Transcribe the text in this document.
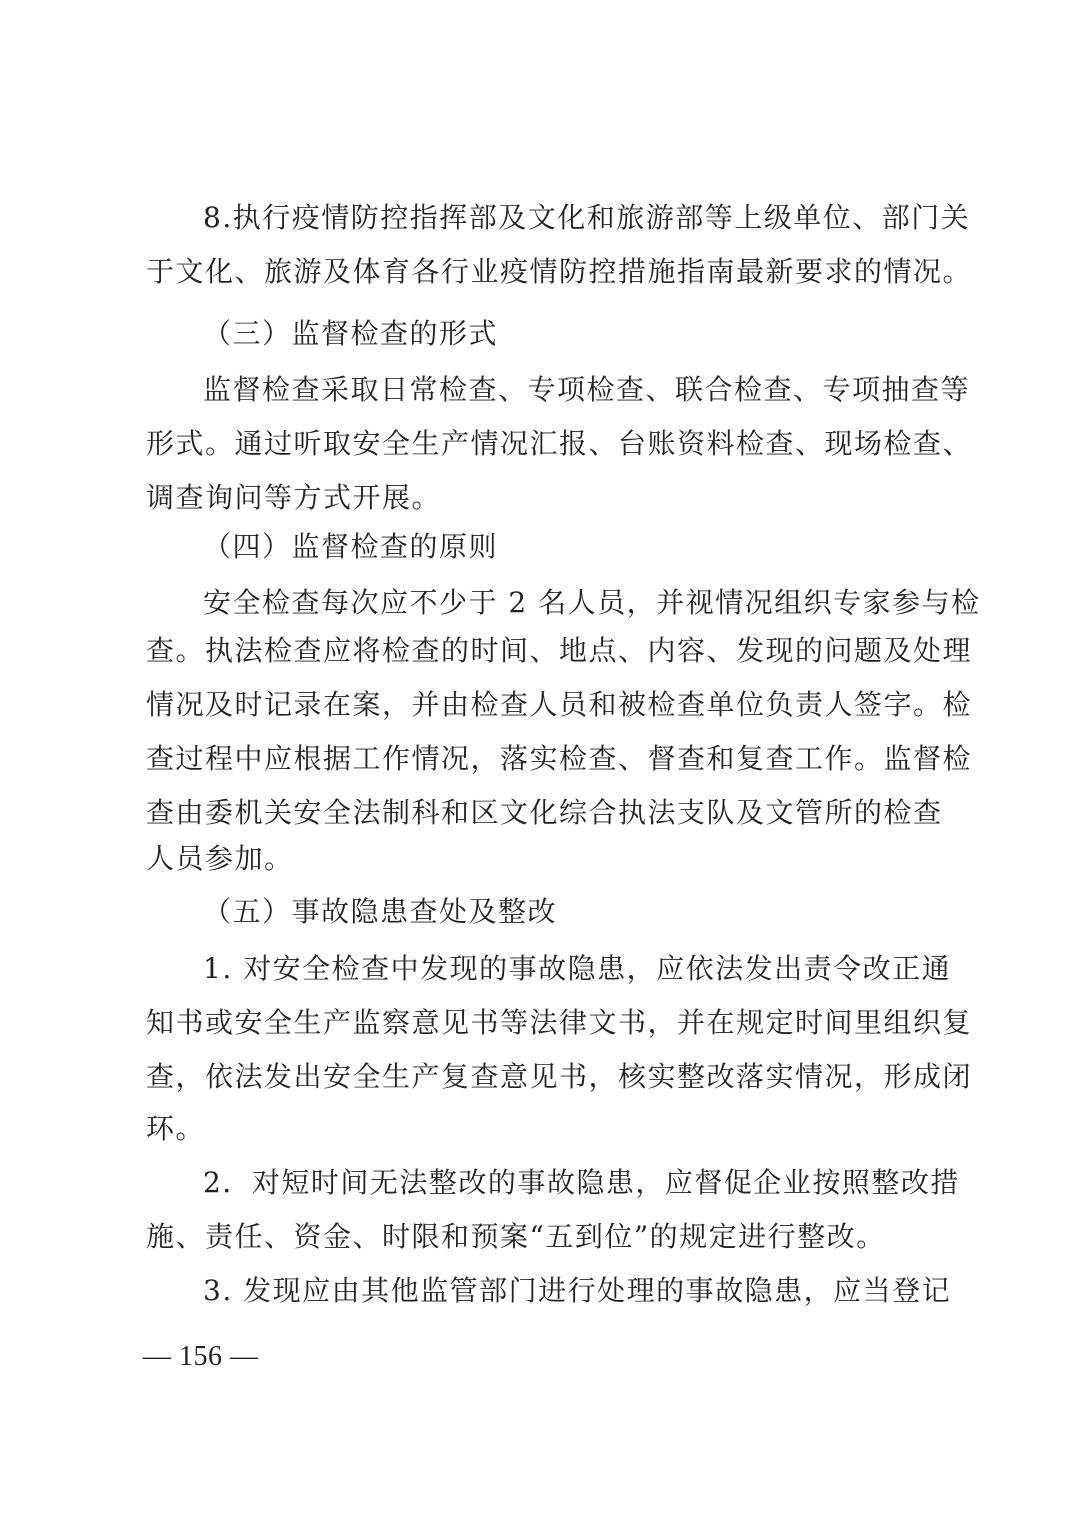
8.执行疫情防控指挥部及文化和旅游部等上级单位、部门关
于文化、旅游及体育各行业疫情防控措施指南最新要求的情况。
（三）监督检查的形式
监督检查采取日常检查、专项检查、联合检查、专项抽查等
形式。通过听取安全生产情况汇报、台账资料检查、现场检查、
调查询问等方式开展。
（四）监督检查的原则
安全检查每次应不少于 2 名人员，并视情况组织专家参与检
查。执法检查应将检查的时间、地点、内容、发现的问题及处理
情况及时记录在案，并由检查人员和被检查单位负责人签字。检
查过程中应根据工作情况，落实检查、督查和复查工作。监督检
查由委机关安全法制科和区文化综合执法支队及文管所的检查
人员参加。
（五）事故隐患查处及整改
1. 对安全检查中发现的事故隐患，应依法发出责令改正通
知书或安全生产监察意见书等法律文书，并在规定时间里组织复
查，依法发出安全生产复查意见书，核实整改落实情况，形成闭
环。
2．对短时间无法整改的事故隐患，应督促企业按照整改措
施、责任、资金、时限和预案“五到位”的规定进行整改。
3. 发现应由其他监管部门进行处理的事故隐患，应当登记
— 156 —
